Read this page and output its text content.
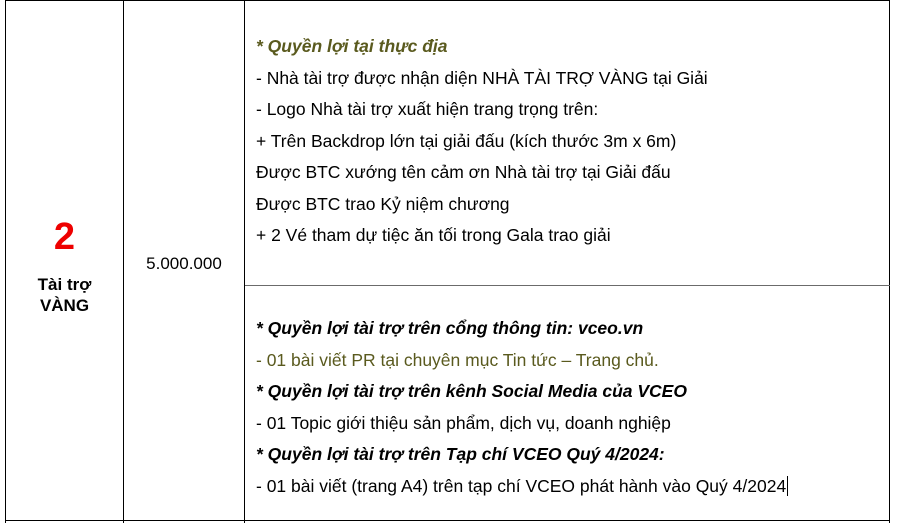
2
Tài trợ
VÀNG
5.000.000
* Quyền lợi tại thực địa
- Nhà tài trợ được nhận diện NHÀ TÀI TRỢ VÀNG tại Giải
- Logo Nhà tài trợ xuất hiện trang trọng trên:
+ Trên Backdrop lớn tại giải đấu (kích thước 3m x 6m)
Được BTC xướng tên cảm ơn Nhà tài trợ tại Giải đấu
Được BTC trao Kỷ niệm chương
+ 2 Vé tham dự tiệc ăn tối trong Gala trao giải
* Quyền lợi tài trợ trên cổng thông tin: vceo.vn
- 01 bài viết PR tại chuyên mục Tin tức – Trang chủ.
* Quyền lợi tài trợ trên kênh Social Media của VCEO
- 01 Topic giới thiệu sản phẩm, dịch vụ, doanh nghiệp
* Quyền lợi tài trợ trên Tạp chí VCEO Quý 4/2024:
- 01 bài viết (trang A4) trên tạp chí VCEO phát hành vào Quý 4/2024
